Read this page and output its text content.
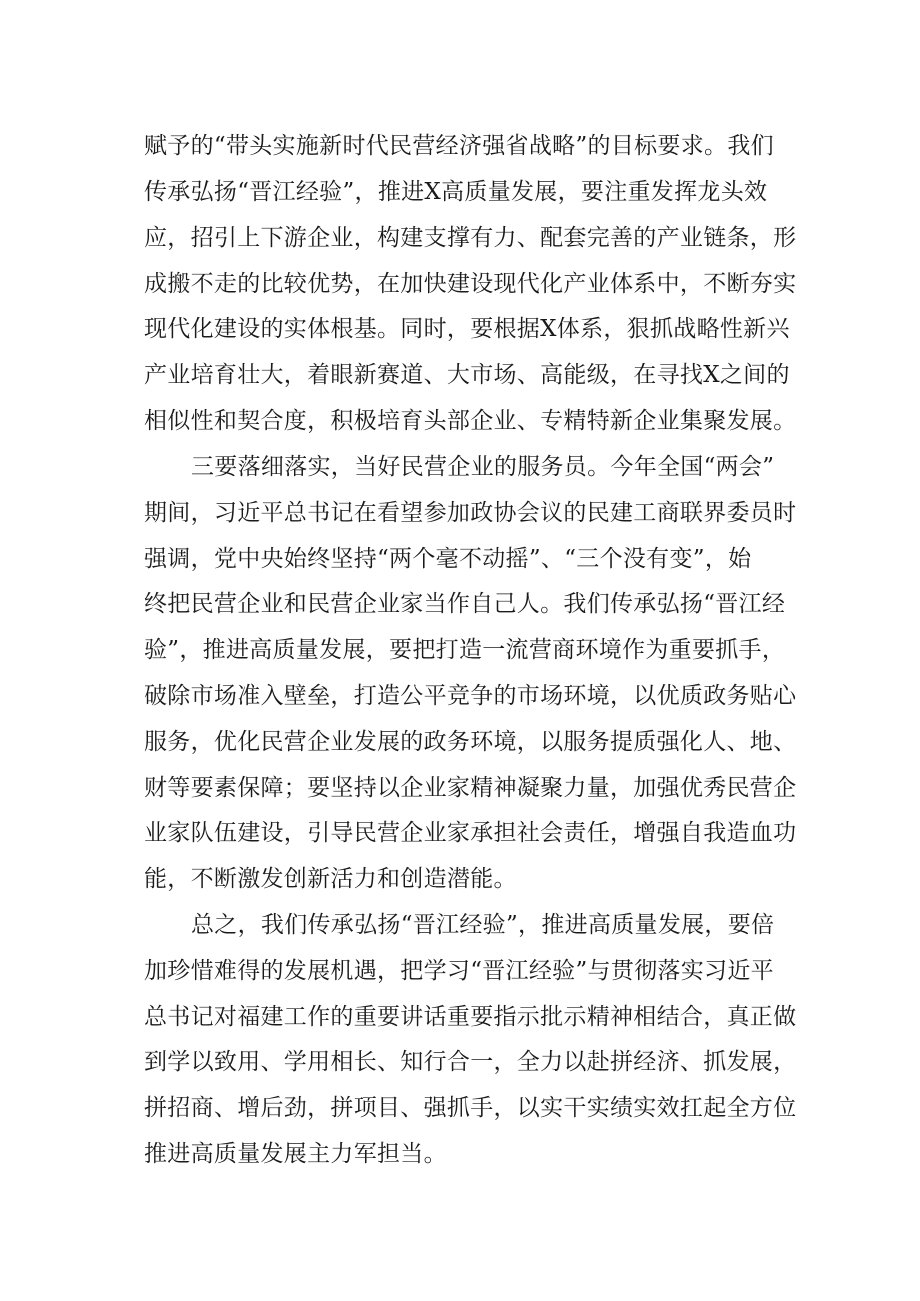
赋予的“带头实施新时代民营经济强省战略”的目标要求。我们
传承弘扬“晋江经验”，推进X高质量发展，要注重发挥龙头效
应，招引上下游企业，构建支撑有力、配套完善的产业链条，形
成搬不走的比较优势，在加快建设现代化产业体系中，不断夯实
现代化建设的实体根基。同时，要根据X体系，狠抓战略性新兴
产业培育壮大，着眼新赛道、大市场、高能级，在寻找X之间的
相似性和契合度，积极培育头部企业、专精特新企业集聚发展。
三要落细落实，当好民营企业的服务员。今年全国“两会”
期间，习近平总书记在看望参加政协会议的民建工商联界委员时
强调，党中央始终坚持“两个毫不动摇”、“三个没有变”，始
终把民营企业和民营企业家当作自己人。我们传承弘扬“晋江经
验”，推进高质量发展，要把打造一流营商环境作为重要抓手，
破除市场准入壁垒，打造公平竞争的市场环境，以优质政务贴心
服务，优化民营企业发展的政务环境，以服务提质强化人、地、
财等要素保障；要坚持以企业家精神凝聚力量，加强优秀民营企
业家队伍建设，引导民营企业家承担社会责任，增强自我造血功
能，不断激发创新活力和创造潜能。
总之，我们传承弘扬“晋江经验”，推进高质量发展，要倍
加珍惜难得的发展机遇，把学习“晋江经验”与贯彻落实习近平
总书记对福建工作的重要讲话重要指示批示精神相结合，真正做
到学以致用、学用相长、知行合一，全力以赴拼经济、抓发展，
拼招商、增后劲，拼项目、强抓手，以实干实绩实效扛起全方位
推进高质量发展主力军担当。
